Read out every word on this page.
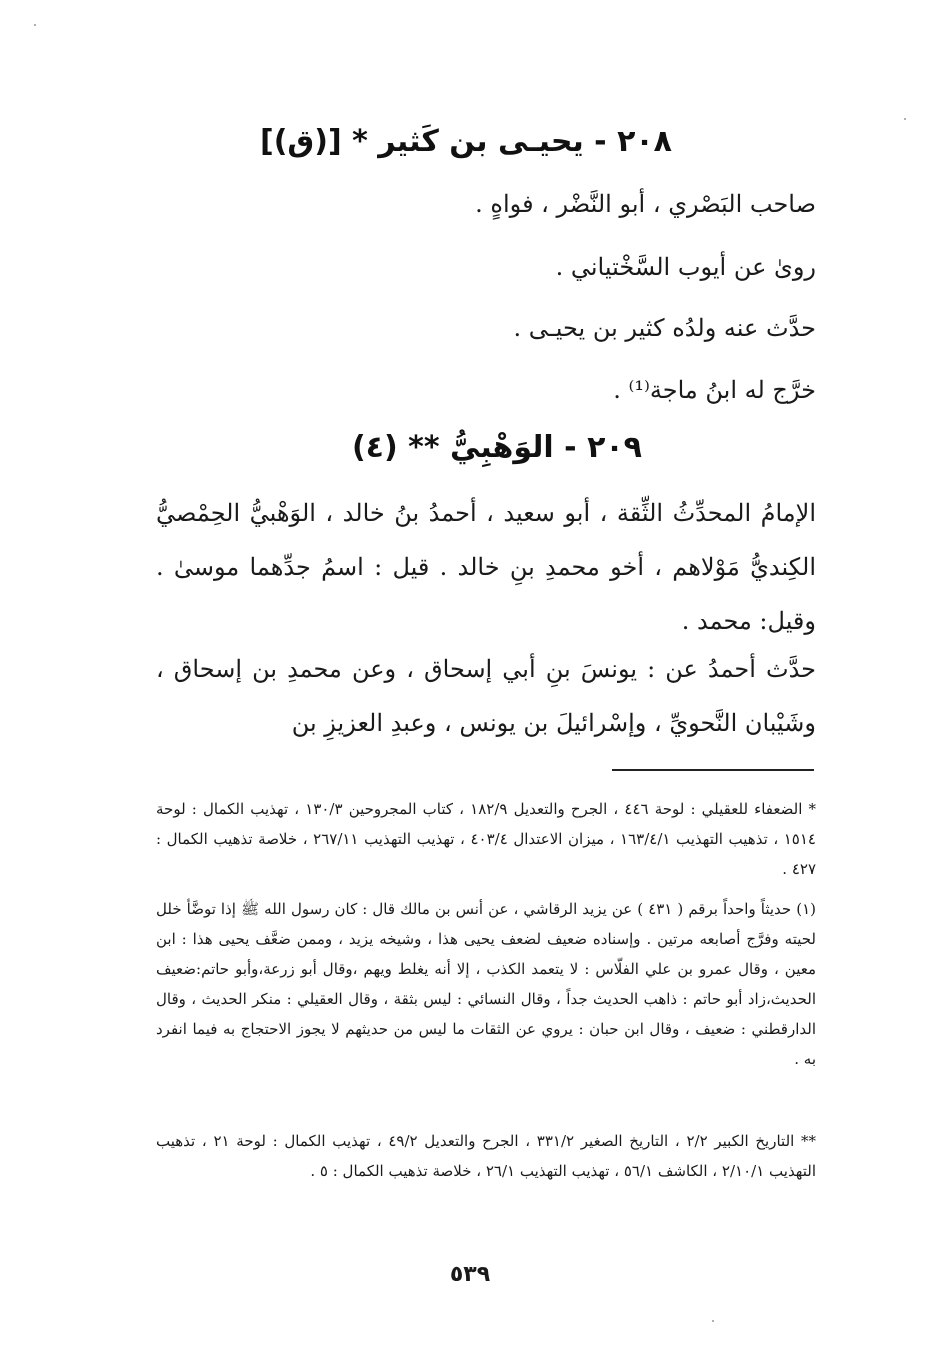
٢٠٨ - يحيـى بن كَثير * [(ق)]
صاحب البَصْري ، أبو النَّضْر ، فواهٍ .
روىٰ عن أيوب السَّخْتياني .
حدَّث عنه ولدُه كثير بن يحيـى .
خرَّج له ابنُ ماجة⁽¹⁾ .
٢٠٩ - الوَهْبِيُّ ** (٤)
الإمامُ المحدِّثُ الثِّقة ، أبو سعيد ، أحمدُ بنُ خالد ، الوَهْبيُّ الحِمْصيُّ الكِنديُّ مَوْلاهم ، أخو محمدِ بنِ خالد . قيل : اسمُ جدِّهما موسىٰ . وقيل: محمد .
حدَّث أحمدُ عن : يونسَ بنِ أبي إسحاق ، وعن محمدِ بن إسحاق ، وشَيْبان النَّحويِّ ، وإسْرائيلَ بن يونس ، وعبدِ العزيزِ بن
* الضعفاء للعقيلي : لوحة ٤٤٦ ، الجرح والتعديل ١٨٢/٩ ، كتاب المجروحين ١٣٠/٣ ، تهذيب الكمال : لوحة ١٥١٤ ، تذهيب التهذيب ١٦٣/٤/١ ، ميزان الاعتدال ٤٠٣/٤ ، تهذيب التهذيب ٢٦٧/١١ ، خلاصة تذهيب الكمال : ٤٢٧ .
(١) حديثاً واحداً برقم ( ٤٣١ ) عن يزيد الرقاشي ، عن أنس بن مالك قال : كان رسول الله ﷺ إذا توضَّأ خلل لحيته وفرَّج أصابعه مرتين . وإسناده ضعيف لضعف يحيى هذا ، وشيخه يزيد ، وممن ضعَّف يحيى هذا : ابن معين ، وقال عمرو بن علي الفلّاس : لا يتعمد الكذب ، إلا أنه يغلط ويهم ،وقال أبو زرعة،وأبو حاتم:ضعيف الحديث،زاد أبو حاتم : ذاهب الحديث جداً ، وقال النسائي : ليس بثقة ، وقال العقيلي : منكر الحديث ، وقال الدارقطني : ضعيف ، وقال ابن حبان : يروي عن الثقات ما ليس من حديثهم لا يجوز الاحتجاج به فيما انفرد به .
** التاريخ الكبير ٢/٢ ، التاريخ الصغير ٣٣١/٢ ، الجرح والتعديل ٤٩/٢ ، تهذيب الكمال : لوحة ٢١ ، تذهيب التهذيب ٢/١٠/١ ، الكاشف ٥٦/١ ، تهذيب التهذيب ٢٦/١ ، خلاصة تذهيب الكمال : ٥ .
٥٣٩
